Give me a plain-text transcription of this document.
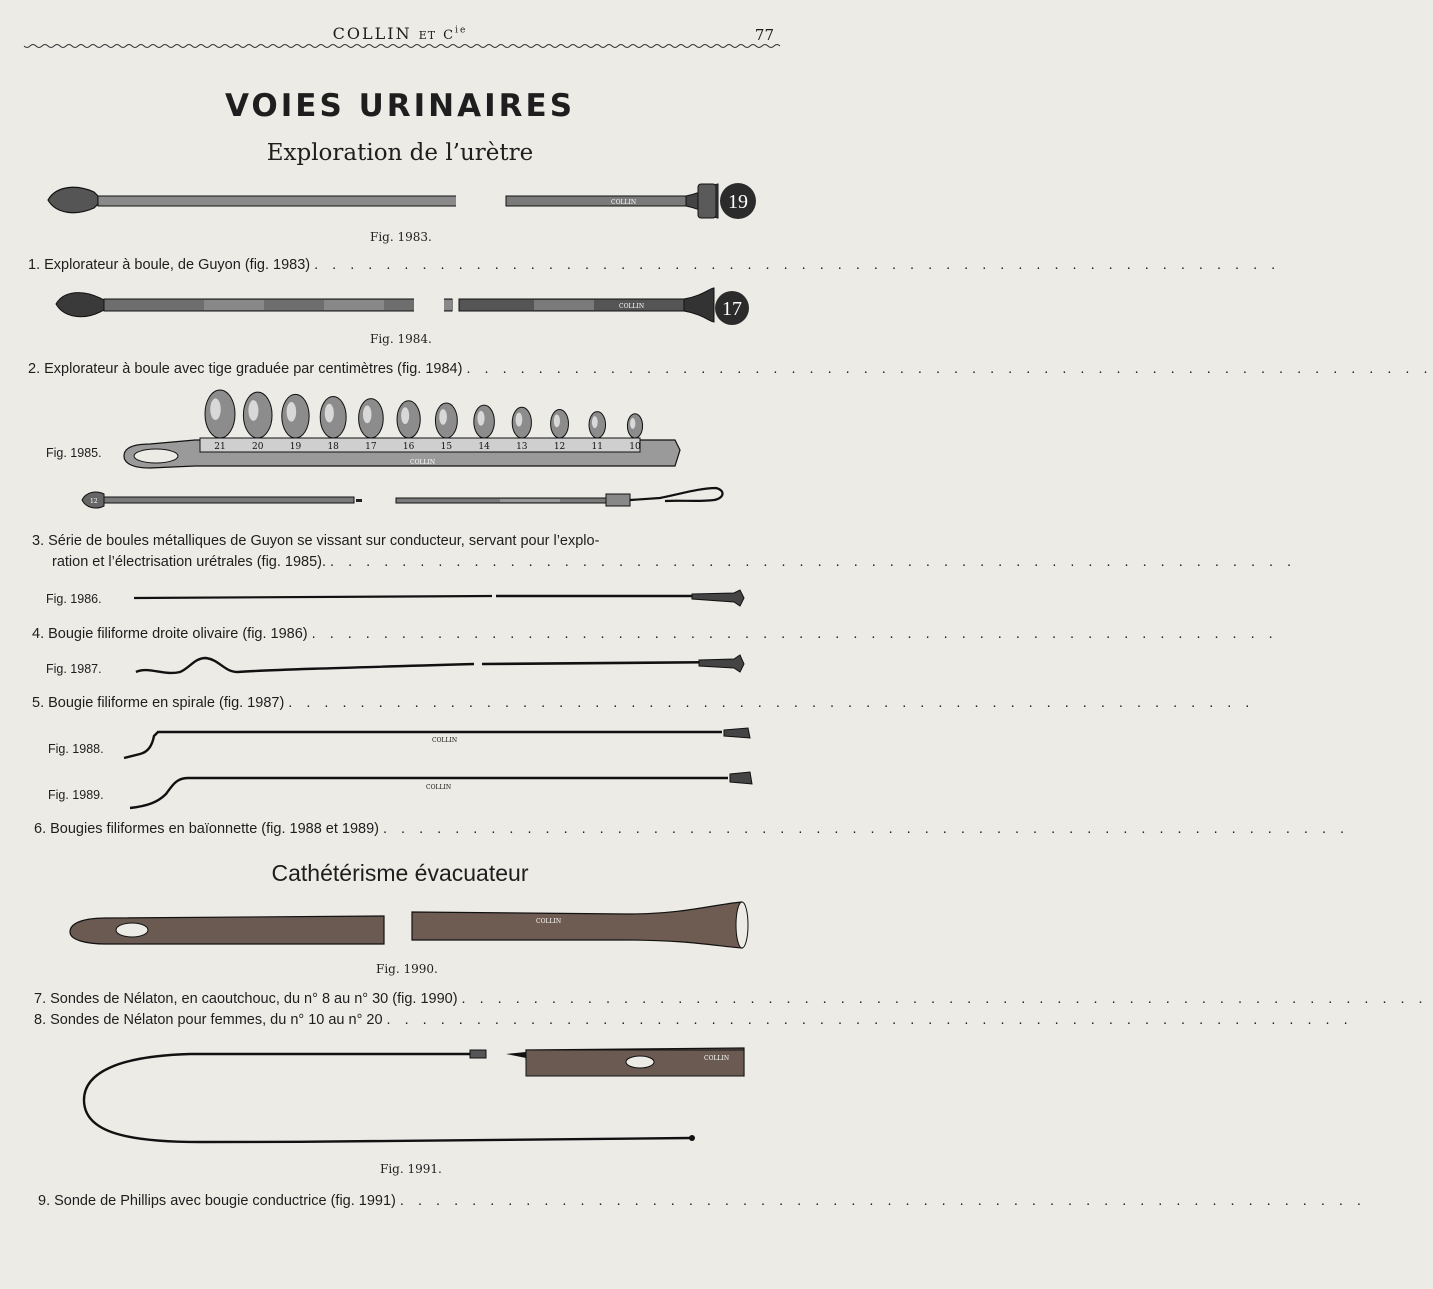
COLLIN ET $C^{ie}$	77
VOIES URINAIRES
Exploration de l’urètre
COLLIN	19
Fig. 1983.
1. Explorateur à boule, de Guyon (fig. 1983) . . . . . . . . . . . . . . . . . . . . . . . . . . . . . . . . . . . . . . . . . . . . . . . . . . . . . .
COLLIN	17
Fig. 1984.
2. Explorateur à boule avec tige graduée par centimètres (fig. 1984) . . . . . . . . . . . . . . . . . . . . . . . . . . . . . . . . . . . . . . . . . . . . . . . . . . . . . .
Fig. 1985.
COLLIN
21	20	19	18	17	16	15	14	13	12	11	10
12
3. Série de boules métalliques de Guyon se vissant sur conducteur, servant pour l’explo-
ration et l’électrisation urétrales (fig. 1985). . . . . . . . . . . . . . . . . . . . . . . . . . . . . . . . . . . . . . . . . . . . . . . . . . . . . . .
Fig. 1986.
4. Bougie filiforme droite olivaire (fig. 1986) . . . . . . . . . . . . . . . . . . . . . . . . . . . . . . . . . . . . . . . . . . . . . . . . . . . . . .
Fig. 1987.
5. Bougie filiforme en spirale (fig. 1987) . . . . . . . . . . . . . . . . . . . . . . . . . . . . . . . . . . . . . . . . . . . . . . . . . . . . . .
Fig. 1988.
COLLIN
Fig. 1989.
COLLIN
6. Bougies filiformes en baïonnette (fig. 1988 et 1989) . . . . . . . . . . . . . . . . . . . . . . . . . . . . . . . . . . . . . . . . . . . . . . . . . . . . . .
Cathétérisme évacuateur
COLLIN
Fig. 1990.
7. Sondes de Nélaton, en caoutchouc, du n° 8 au n° 30 (fig. 1990) . . . . . . . . . . . . . . . . . . . . . . . . . . . . . . . . . . . . . . . . . . . . . . . . . . . . . .
8. Sondes de Nélaton pour femmes, du n° 10 au n° 20 . . . . . . . . . . . . . . . . . . . . . . . . . . . . . . . . . . . . . . . . . . . . . . . . . . . . . .
COLLIN
Fig. 1991.
9. Sonde de Phillips avec bougie conductrice (fig. 1991) . . . . . . . . . . . . . . . . . . . . . . . . . . . . . . . . . . . . . . . . . . . . . . . . . . . . . .
